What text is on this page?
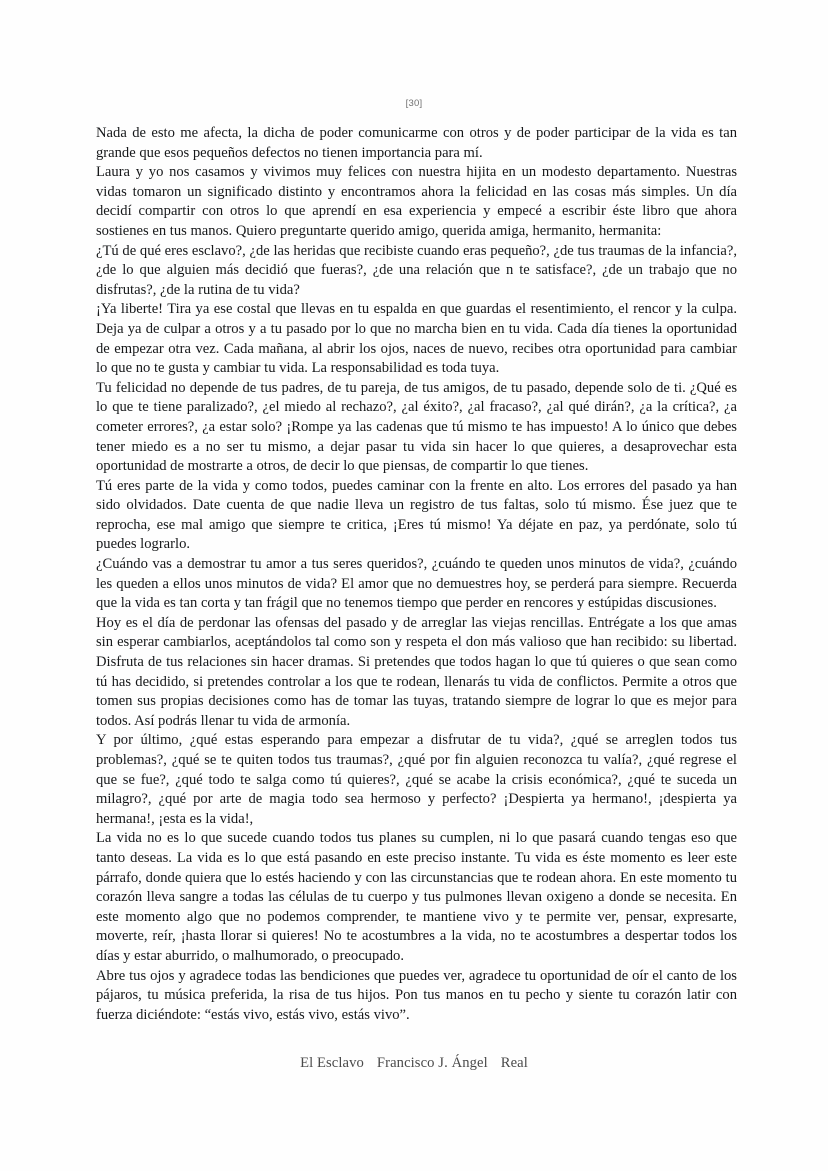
[30]

Nada de esto me afecta, la dicha de poder comunicarme con otros y de poder participar de la vida es tan grande que esos pequeños defectos no tienen importancia para mí.

Laura y yo nos casamos y vivimos muy felices con nuestra hijita en un modesto departamento. Nuestras vidas tomaron un significado distinto y encontramos ahora la felicidad en las cosas más simples. Un día decidí compartir con otros lo que aprendí en esa experiencia y empecé a escribir éste libro que ahora sostienes en tus manos. Quiero preguntarte querido amigo, querida amiga, hermanito, hermanita:

¿Tú de qué eres esclavo?, ¿de las heridas que recibiste cuando eras pequeño?, ¿de tus traumas de la infancia?, ¿de lo que alguien más decidió que fueras?, ¿de una relación que n te satisface?, ¿de un trabajo que no disfrutas?, ¿de la rutina de tu vida?

¡Ya liberte! Tira ya ese costal que llevas en tu espalda en que guardas el resentimiento, el rencor y la culpa. Deja ya de culpar a otros y a tu pasado por lo que no marcha bien en tu vida. Cada día tienes la oportunidad de empezar otra vez. Cada mañana, al abrir los ojos, naces de nuevo, recibes otra oportunidad para cambiar lo que no te gusta y cambiar tu vida. La responsabilidad es toda tuya.

Tu felicidad no depende de tus padres, de tu pareja, de tus amigos, de tu pasado, depende solo de ti. ¿Qué es lo que te tiene paralizado?, ¿el miedo al rechazo?, ¿al éxito?, ¿al fracaso?, ¿al qué dirán?, ¿a la crítica?, ¿a cometer errores?, ¿a estar solo? ¡Rompe ya las cadenas que tú mismo te has impuesto! A lo único que debes tener miedo es a no ser tu mismo, a dejar pasar tu vida sin hacer lo que quieres, a desaprovechar esta oportunidad de mostrarte a otros, de decir lo que piensas, de compartir lo que tienes.

Tú eres parte de la vida y como todos, puedes caminar con la frente en alto. Los errores del pasado ya han sido olvidados. Date cuenta de que nadie lleva un registro de tus faltas, solo tú mismo. Ése juez que te reprocha, ese mal amigo que siempre te critica, ¡Eres tú mismo! Ya déjate en paz, ya perdónate, solo tú puedes lograrlo.

¿Cuándo vas a demostrar tu amor a tus seres queridos?, ¿cuándo te queden unos minutos de vida?, ¿cuándo les queden a ellos unos minutos de vida? El amor que no demuestres hoy, se perderá para siempre. Recuerda que la vida es tan corta y tan frágil que no tenemos tiempo que perder en rencores y estúpidas discusiones.

Hoy es el día de perdonar las ofensas del pasado y de arreglar las viejas rencillas. Entrégate a los que amas sin esperar cambiarlos, aceptándolos tal como son y respeta el don más valioso que han recibido: su libertad. Disfruta de tus relaciones sin hacer dramas. Si pretendes que todos hagan lo que tú quieres o que sean como tú has decidido, si pretendes controlar a los que te rodean, llenarás tu vida de conflictos. Permite a otros que tomen sus propias decisiones como has de tomar las tuyas, tratando siempre de lograr lo que es mejor para todos. Así podrás llenar tu vida de armonía.

Y por último, ¿qué estas esperando para empezar a disfrutar de tu vida?, ¿qué se arreglen todos tus problemas?, ¿qué se te quiten todos tus traumas?, ¿qué por fin alguien reconozca tu valía?, ¿qué regrese el que se fue?, ¿qué todo te salga como tú quieres?, ¿qué se acabe la crisis económica?, ¿qué te suceda un milagro?, ¿qué por arte de magia todo sea hermoso y perfecto? ¡Despierta ya hermano!, ¡despierta ya hermana!, ¡esta es la vida!,

La vida no es lo que sucede cuando todos tus planes su cumplen, ni lo que pasará cuando tengas eso que tanto deseas. La vida es lo que está pasando en este preciso instante. Tu vida es éste momento es leer este párrafo, donde quiera que lo estés haciendo y con las circunstancias que te rodean ahora. En este momento tu corazón lleva sangre a todas las células de tu cuerpo y tus pulmones llevan oxigeno a donde se necesita. En este momento algo que no podemos comprender, te mantiene vivo y te permite ver, pensar, expresarte, moverte, reír, ¡hasta llorar si quieres! No te acostumbres a la vida, no te acostumbres a despertar todos los días y estar aburrido, o malhumorado, o preocupado.

Abre tus ojos y agradece todas las bendiciones que puedes ver, agradece tu oportunidad de oír el canto de los pájaros, tu música preferida, la risa de tus hijos. Pon tus manos en tu pecho y siente tu corazón latir con fuerza diciéndote: “estás vivo, estás vivo, estás vivo”.

El Esclavo Francisco J. Ángel Real
